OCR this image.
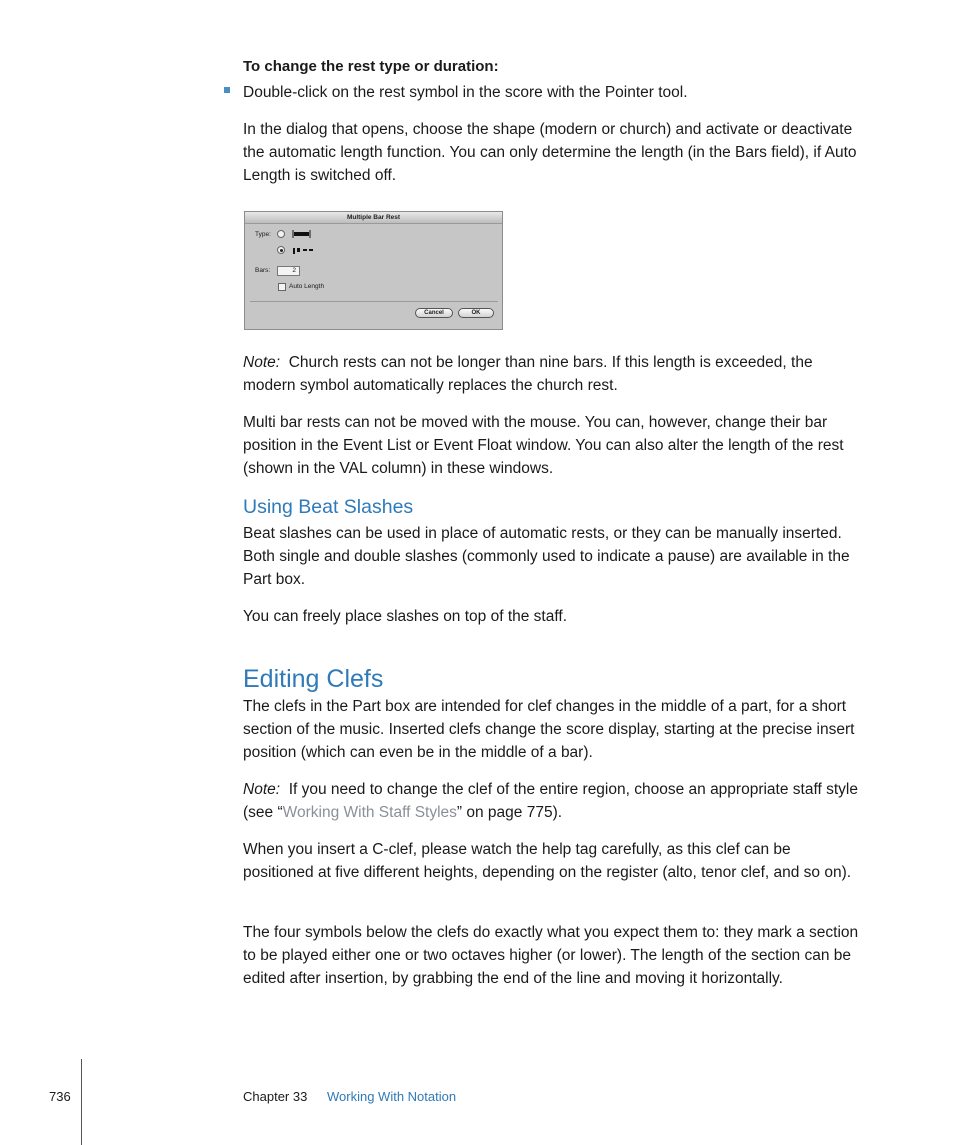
To change the rest type or duration:
Double-click on the rest symbol in the score with the Pointer tool.
In the dialog that opens, choose the shape (modern or church) and activate or deactivate the automatic length function. You can only determine the length (in the Bars field), if Auto Length is switched off.
Multiple Bar Rest
Type:
Bars:	2
Auto Length
Cancel	OK
Note: Church rests can not be longer than nine bars. If this length is exceeded, the modern symbol automatically replaces the church rest.
Multi bar rests can not be moved with the mouse. You can, however, change their bar position in the Event List or Event Float window. You can also alter the length of the rest (shown in the VAL column) in these windows.
Using Beat Slashes
Beat slashes can be used in place of automatic rests, or they can be manually inserted. Both single and double slashes (commonly used to indicate a pause) are available in the Part box.
You can freely place slashes on top of the staff.
Editing Clefs
The clefs in the Part box are intended for clef changes in the middle of a part, for a short section of the music. Inserted clefs change the score display, starting at the precise insert position (which can even be in the middle of a bar).
Note: If you need to change the clef of the entire region, choose an appropriate staff style (see “Working With Staff Styles” on page 775).
When you insert a C-clef, please watch the help tag carefully, as this clef can be positioned at five different heights, depending on the register (alto, tenor clef, and so on).
The four symbols below the clefs do exactly what you expect them to: they mark a section to be played either one or two octaves higher (or lower). The length of the section can be edited after insertion, by grabbing the end of the line and moving it horizontally.
736	Chapter 33 Working With Notation
